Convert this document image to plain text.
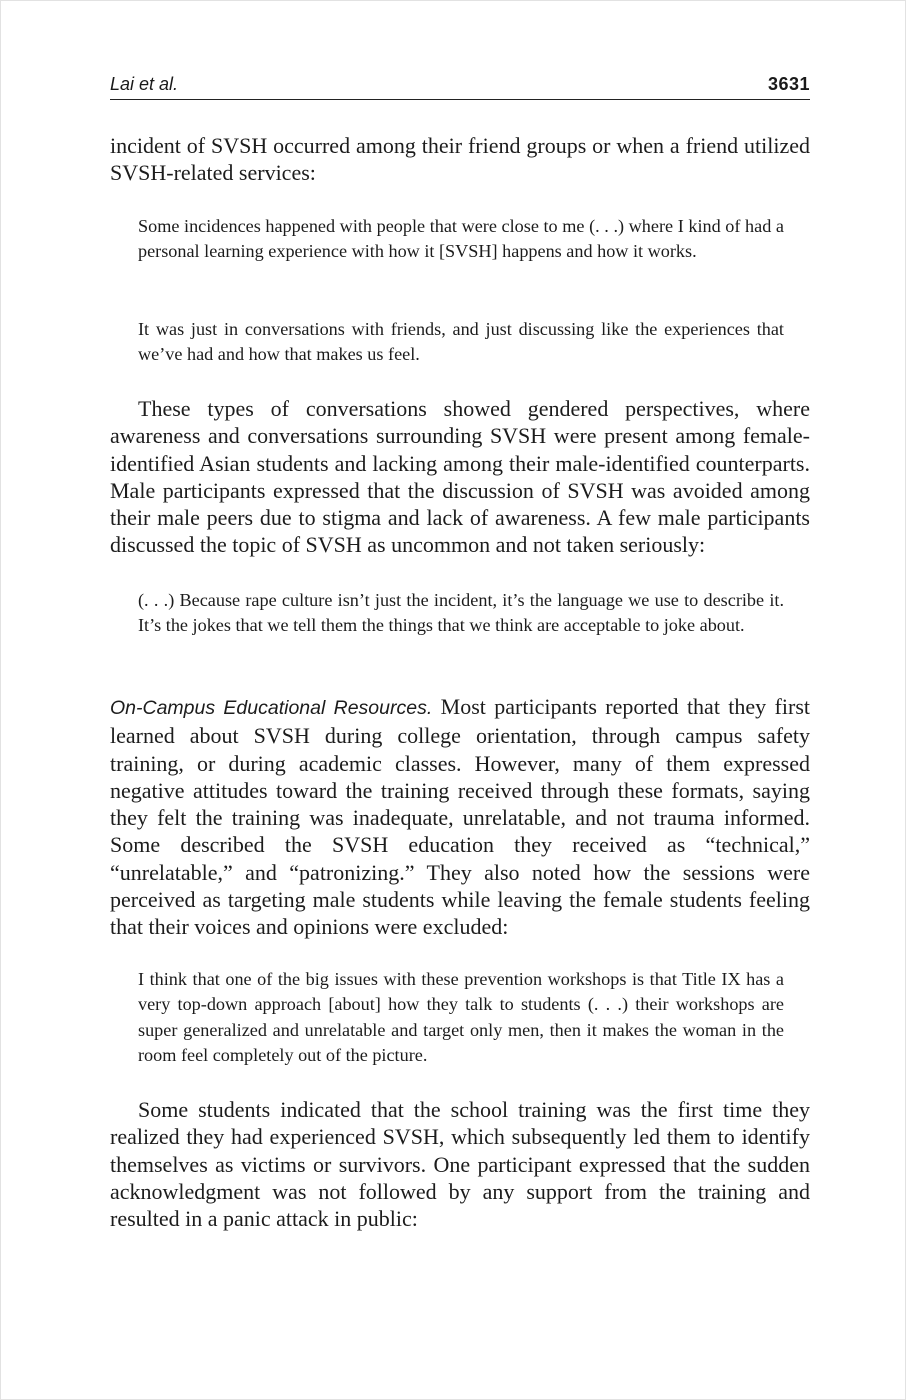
Lai et al.	3631

incident of SVSH occurred among their friend groups or when a friend utilized SVSH-related services:

Some incidences happened with people that were close to me (. . .) where I kind of had a personal learning experience with how it [SVSH] happens and how it works.

It was just in conversations with friends, and just discussing like the experiences that we’ve had and how that makes us feel.

These types of conversations showed gendered perspectives, where awareness and conversations surrounding SVSH were present among female-identified Asian students and lacking among their male-identified counterparts. Male participants expressed that the discussion of SVSH was avoided among their male peers due to stigma and lack of awareness. A few male participants discussed the topic of SVSH as uncommon and not taken seriously:

(. . .) Because rape culture isn’t just the incident, it’s the language we use to describe it. It’s the jokes that we tell them the things that we think are acceptable to joke about.

On-Campus Educational Resources. Most participants reported that they first learned about SVSH during college orientation, through campus safety training, or during academic classes. However, many of them expressed negative attitudes toward the training received through these formats, saying they felt the training was inadequate, unrelatable, and not trauma informed. Some described the SVSH education they received as “technical,” “unrelatable,” and “patronizing.” They also noted how the sessions were perceived as targeting male students while leaving the female students feeling that their voices and opinions were excluded:

I think that one of the big issues with these prevention workshops is that Title IX has a very top-down approach [about] how they talk to students (. . .) their workshops are super generalized and unrelatable and target only men, then it makes the woman in the room feel completely out of the picture.

Some students indicated that the school training was the first time they realized they had experienced SVSH, which subsequently led them to identify themselves as victims or survivors. One participant expressed that the sudden acknowledgment was not followed by any support from the training and resulted in a panic attack in public:
